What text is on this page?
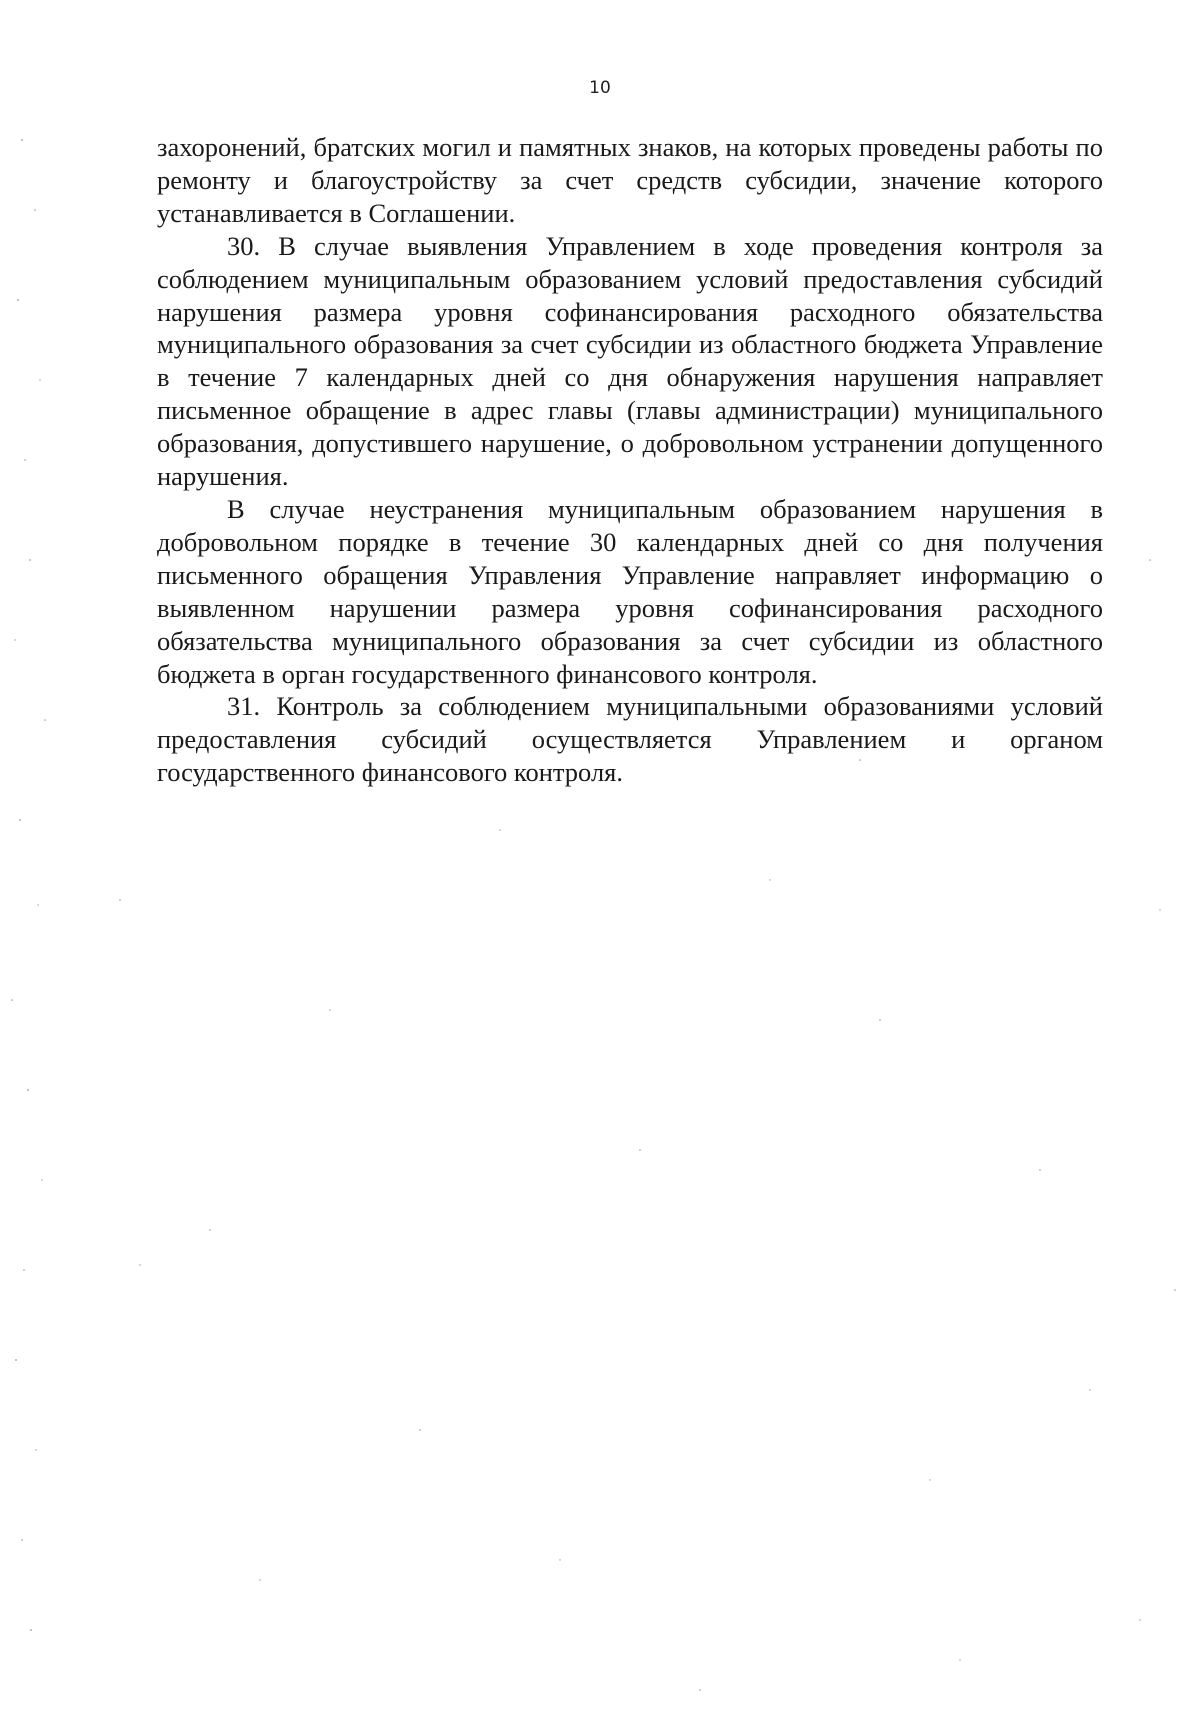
10

захоронений, братских могил и памятных знаков, на которых проведены работы по ремонту и благоустройству за счет средств субсидии, значение которого устанавливается в Соглашении.

30. В случае выявления Управлением в ходе проведения контроля за соблюдением муниципальным образованием условий предоставления субсидий нарушения размера уровня софинансирования расходного обязательства муниципального образования за счет субсидии из областного бюджета Управление в течение 7 календарных дней со дня обнаружения нарушения направляет письменное обращение в адрес главы (главы администрации) муниципального образования, допустившего нарушение, о добровольном устранении допущенного нарушения.

В случае неустранения муниципальным образованием нарушения в добровольном порядке в течение 30 календарных дней со дня получения письменного обращения Управления Управление направляет информацию о выявленном нарушении размера уровня софинансирования расходного обязательства муниципального образования за счет субсидии из областного бюджета в орган государственного финансового контроля.

31. Контроль за соблюдением муниципальными образованиями условий предоставления субсидий осуществляется Управлением и органом государственного финансового контроля.
